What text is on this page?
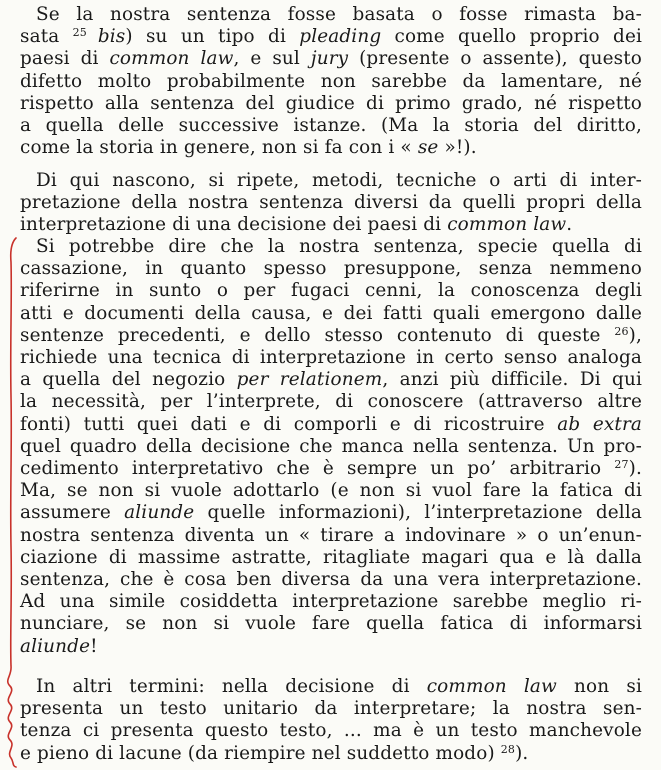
Se la nostra sentenza fosse basata o fosse rimasta ba-
sata $^{25}$ bis) su un tipo di pleading come quello proprio dei
paesi di common law, e sul jury (presente o assente), questo
difetto molto probabilmente non sarebbe da lamentare, né
rispetto alla sentenza del giudice di primo grado, né rispetto
a quella delle successive istanze. (Ma la storia del diritto,
come la storia in genere, non si fa con i « se »!).
Di qui nascono, si ripete, metodi, tecniche o arti di inter-
pretazione della nostra sentenza diversi da quelli propri della
interpretazione di una decisione dei paesi di common law.
Si potrebbe dire che la nostra sentenza, specie quella di
cassazione, in quanto spesso presuppone, senza nemmeno
riferirne in sunto o per fugaci cenni, la conoscenza degli
atti e documenti della causa, e dei fatti quali emergono dalle
sentenze precedenti, e dello stesso contenuto di queste $^{26}$),
richiede una tecnica di interpretazione in certo senso analoga
a quella del negozio per relationem, anzi più difficile. Di qui
la necessità, per l’interprete, di conoscere (attraverso altre
fonti) tutti quei dati e di comporli e di ricostruire ab extra
quel quadro della decisione che manca nella sentenza. Un pro-
cedimento interpretativo che è sempre un po’ arbitrario $^{27}$).
Ma, se non si vuole adottarlo (e non si vuol fare la fatica di
assumere aliunde quelle informazioni), l’interpretazione della
nostra sentenza diventa un « tirare a indovinare » o un’enun-
ciazione di massime astratte, ritagliate magari qua e là dalla
sentenza, che è cosa ben diversa da una vera interpretazione.
Ad una simile cosiddetta interpretazione sarebbe meglio ri-
nunciare, se non si vuole fare quella fatica di informarsi
aliunde!
In altri termini: nella decisione di common law non si
presenta un testo unitario da interpretare; la nostra sen-
tenza ci presenta questo testo, ... ma è un testo manchevole
e pieno di lacune (da riempire nel suddetto modo) $^{28}$).
